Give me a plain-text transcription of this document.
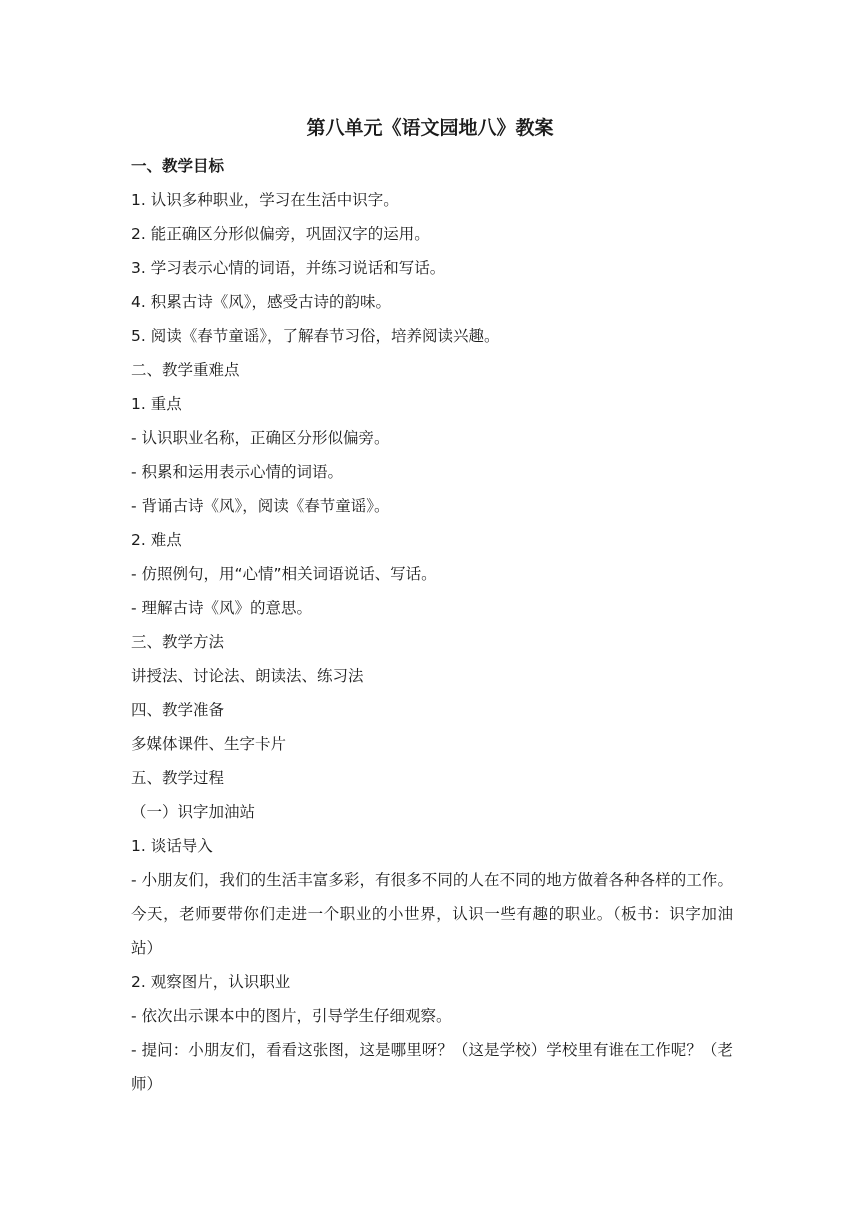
第八单元《语文园地八》教案
一、教学目标
1. 认识多种职业，学习在生活中识字。
2. 能正确区分形似偏旁，巩固汉字的运用。
3. 学习表示心情的词语，并练习说话和写话。
4. 积累古诗《风》，感受古诗的韵味。
5. 阅读《春节童谣》，了解春节习俗，培养阅读兴趣。
二、教学重难点
1. 重点
- 认识职业名称，正确区分形似偏旁。
- 积累和运用表示心情的词语。
- 背诵古诗《风》，阅读《春节童谣》。
2. 难点
- 仿照例句，用“心情”相关词语说话、写话。
- 理解古诗《风》的意思。
三、教学方法
讲授法、讨论法、朗读法、练习法
四、教学准备
多媒体课件、生字卡片
五、教学过程
（一）识字加油站
1. 谈话导入
- 小朋友们，我们的生活丰富多彩，有很多不同的人在不同的地方做着各种各样的工作。今天，老师要带你们走进一个职业的小世界，认识一些有趣的职业。（板书：识字加油站）
2. 观察图片，认识职业
- 依次出示课本中的图片，引导学生仔细观察。
- 提问：小朋友们，看看这张图，这是哪里呀？（这是学校）学校里有谁在工作呢？（老师）
